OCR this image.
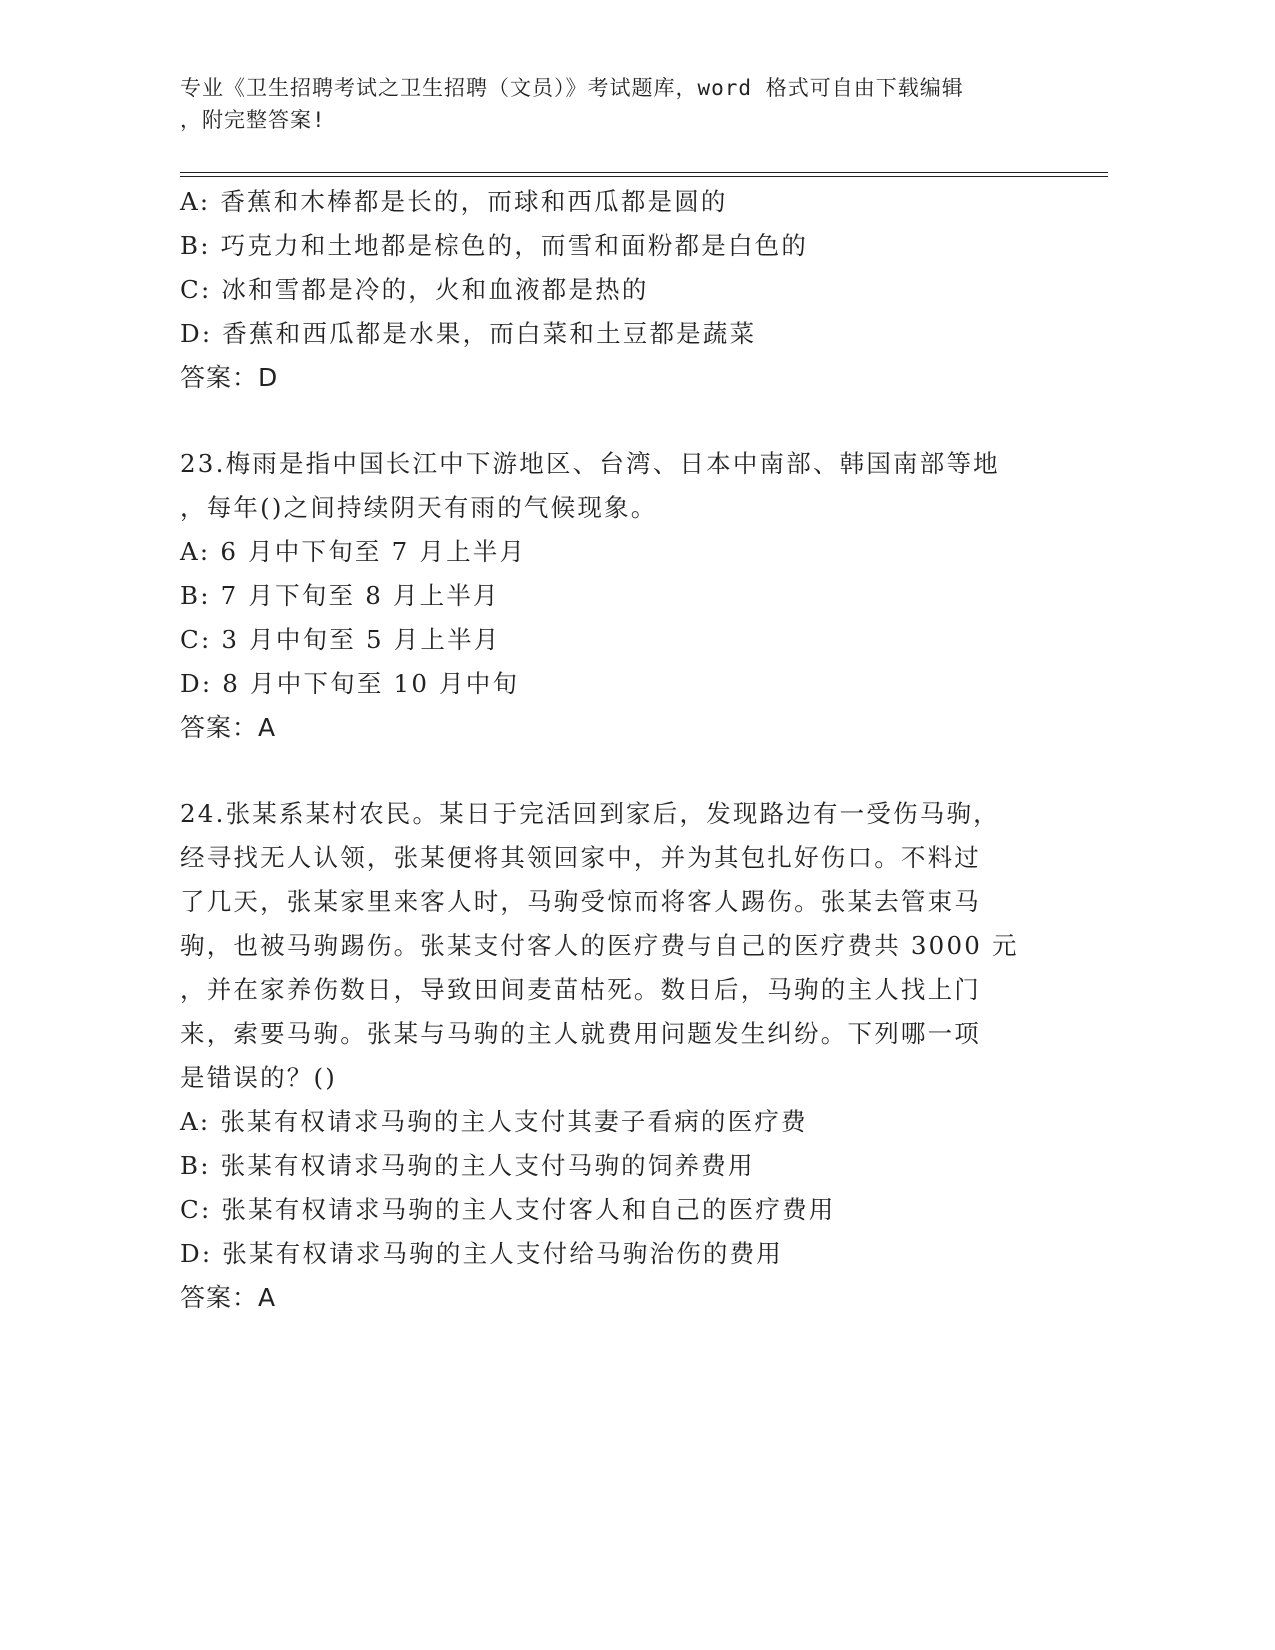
专业《卫生招聘考试之卫生招聘（文员）》考试题库，word 格式可自由下载编辑
，附完整答案!
A: 香蕉和木棒都是长的，而球和西瓜都是圆的
B: 巧克力和土地都是棕色的，而雪和面粉都是白色的
C: 冰和雪都是冷的，火和血液都是热的
D: 香蕉和西瓜都是水果，而白菜和土豆都是蔬菜
答案：D
23.梅雨是指中国长江中下游地区、台湾、日本中南部、韩国南部等地
，每年()之间持续阴天有雨的气候现象。
A: 6 月中下旬至 7 月上半月
B: 7 月下旬至 8 月上半月
C: 3 月中旬至 5 月上半月
D: 8 月中下旬至 10 月中旬
答案：A
24.张某系某村农民。某日于完活回到家后，发现路边有一受伤马驹，
经寻找无人认领，张某便将其领回家中，并为其包扎好伤口。不料过
了几天，张某家里来客人时，马驹受惊而将客人踢伤。张某去管束马
驹，也被马驹踢伤。张某支付客人的医疗费与自己的医疗费共 3000 元
，并在家养伤数日，导致田间麦苗枯死。数日后，马驹的主人找上门
来，索要马驹。张某与马驹的主人就费用问题发生纠纷。下列哪一项
是错误的？()
A: 张某有权请求马驹的主人支付其妻子看病的医疗费
B: 张某有权请求马驹的主人支付马驹的饲养费用
C: 张某有权请求马驹的主人支付客人和自己的医疗费用
D: 张某有权请求马驹的主人支付给马驹治伤的费用
答案：A
